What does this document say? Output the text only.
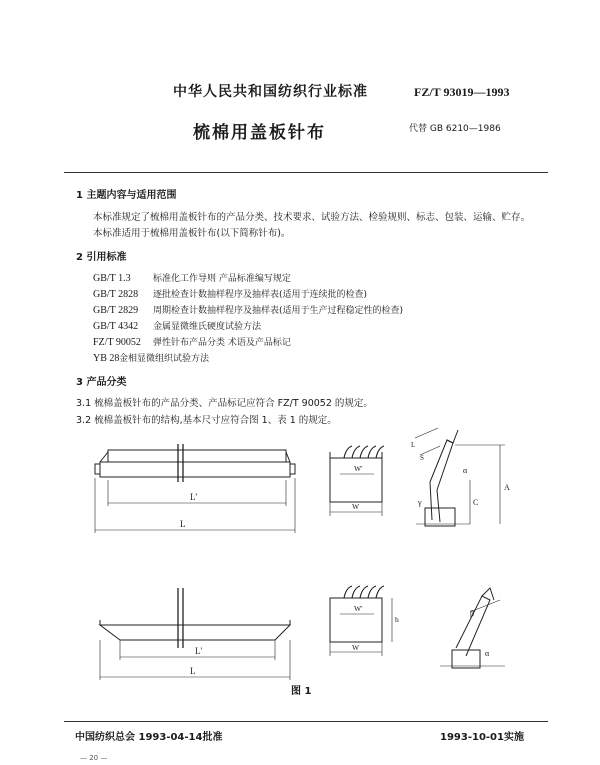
中华人民共和国纺织行业标准	FZ/T 93019—1993
梳棉用盖板针布	代替 GB 6210—1986
1 主题内容与适用范围
本标准规定了梳棉用盖板针布的产品分类、技术要求、试验方法、检验规则、标志、包装、运输、贮存。
本标准适用于梳棉用盖板针布(以下简称针布)。
2 引用标准
GB/T 1.3 标准化工作导则 产品标准编写规定
GB/T 2828 逐批检查计数抽样程序及抽样表(适用于连续批的检查)
GB/T 2829 周期检查计数抽样程序及抽样表(适用于生产过程稳定性的检查)
GB/T 4342 金属显微维氏硬度试验方法
FZ/T 90052 弹性针布产品分类 术语及产品标记
YB 28金相显微组织试验方法
3 产品分类
3.1 梳棉盖板针布的产品分类、产品标记应符合 FZ/T 90052 的规定。
3.2 梳棉盖板针布的结构,基本尺寸应符合图 1、表 1 的规定。
L'
L
W'
W
S
L
A
C
α
γ
L'
L
W'
W
h
β
α
图 1
中国纺织总会 1993-04-14批准	1993-10-01实施
— 20 —
